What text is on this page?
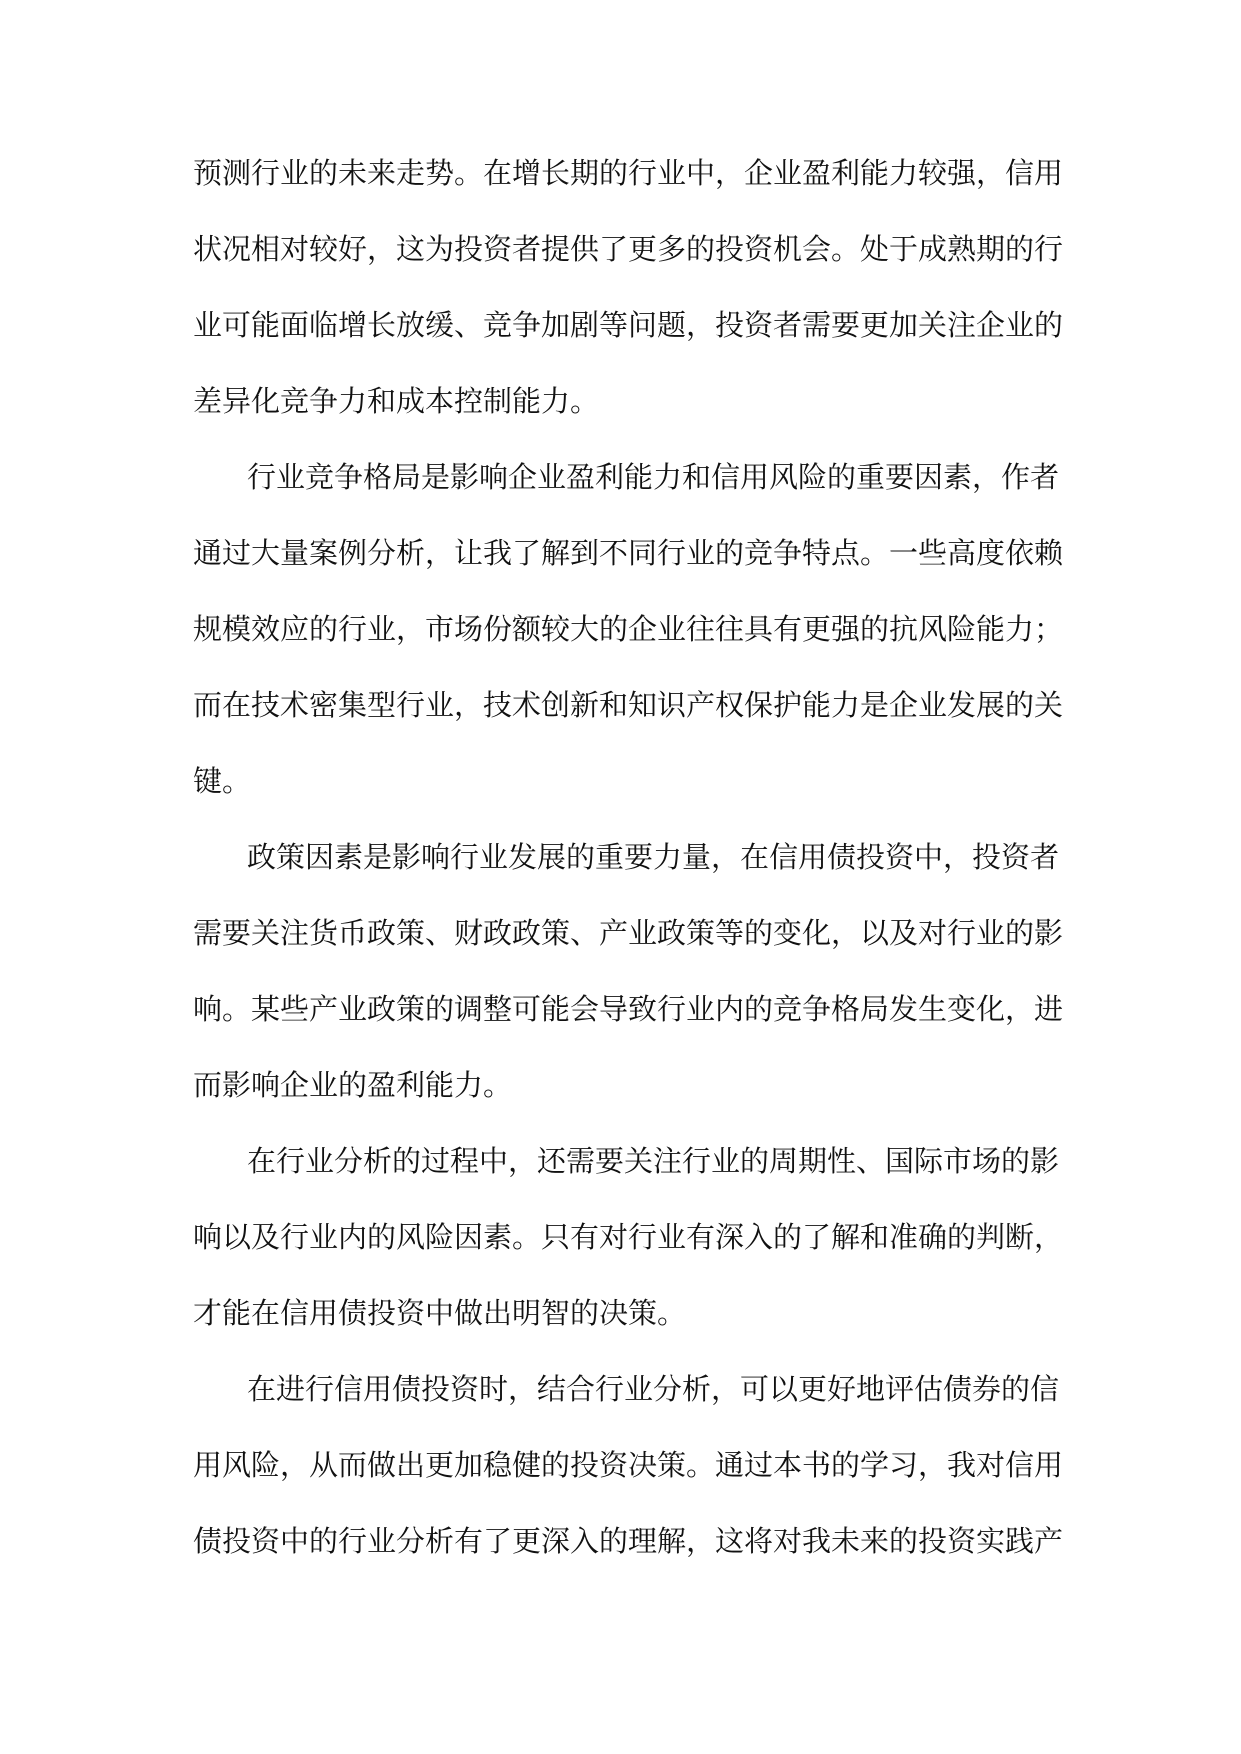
预测行业的未来走势。在增长期的行业中，企业盈利能力较强，信用

状况相对较好，这为投资者提供了更多的投资机会。处于成熟期的行

业可能面临增长放缓、竞争加剧等问题，投资者需要更加关注企业的

差异化竞争力和成本控制能力。

行业竞争格局是影响企业盈利能力和信用风险的重要因素，作者

通过大量案例分析，让我了解到不同行业的竞争特点。一些高度依赖

规模效应的行业，市场份额较大的企业往往具有更强的抗风险能力；

而在技术密集型行业，技术创新和知识产权保护能力是企业发展的关

键。

政策因素是影响行业发展的重要力量，在信用债投资中，投资者

需要关注货币政策、财政政策、产业政策等的变化，以及对行业的影

响。某些产业政策的调整可能会导致行业内的竞争格局发生变化，进

而影响企业的盈利能力。

在行业分析的过程中，还需要关注行业的周期性、国际市场的影

响以及行业内的风险因素。只有对行业有深入的了解和准确的判断，

才能在信用债投资中做出明智的决策。

在进行信用债投资时，结合行业分析，可以更好地评估债券的信

用风险，从而做出更加稳健的投资决策。通过本书的学习，我对信用

债投资中的行业分析有了更深入的理解，这将对我未来的投资实践产
